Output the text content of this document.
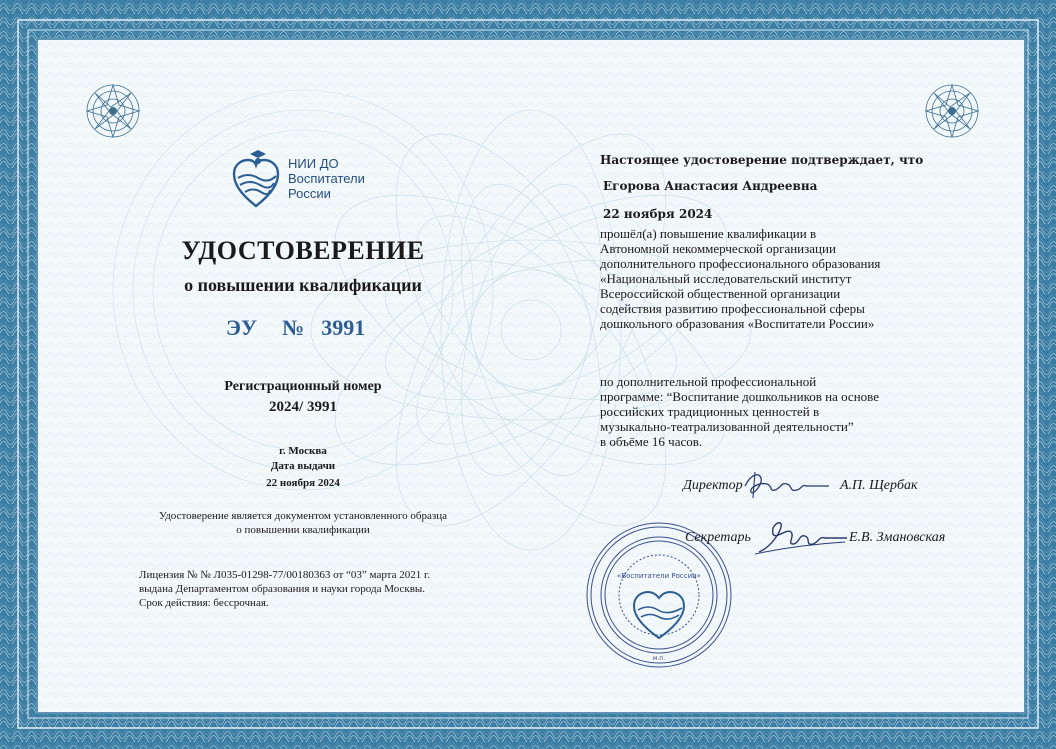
НИИ ДО
Воспитатели
России
УДОСТОВЕРЕНИЕ
о повышении квалификации
ЭУ № 3991
Регистрационный номер
2024/ 3991
г. Москва
Дата выдачи
22 ноября 2024
Удостоверение является документом установленного образца
о повышении квалификации
Лицензия № № Л035-01298-77/00180363 от “03” марта 2021 г.
выдана Департаментом образования и науки города Москвы.
Срок действия: бессрочная.
Настоящее удостоверение подтверждает, что
Егорова Анастасия Андреевна
22 ноября 2024
прошёл(а) повышение квалификации в
Автономной некоммерческой организации
дополнительного профессионального образования
«Национальный исследовательский институт
Всероссийской общественной организации
содействия развитию профессиональной сферы
дошкольного образования «Воспитатели России»
по дополнительной профессиональной
программе: “Воспитание дошкольников на основе
российских традиционных ценностей в
музыкально-театрализованной деятельности”
в объёме 16 часов.
«Воспитатели России»
м.п.
Директор	А.П. Щербак
Секретарь	Е.В. Змановская
